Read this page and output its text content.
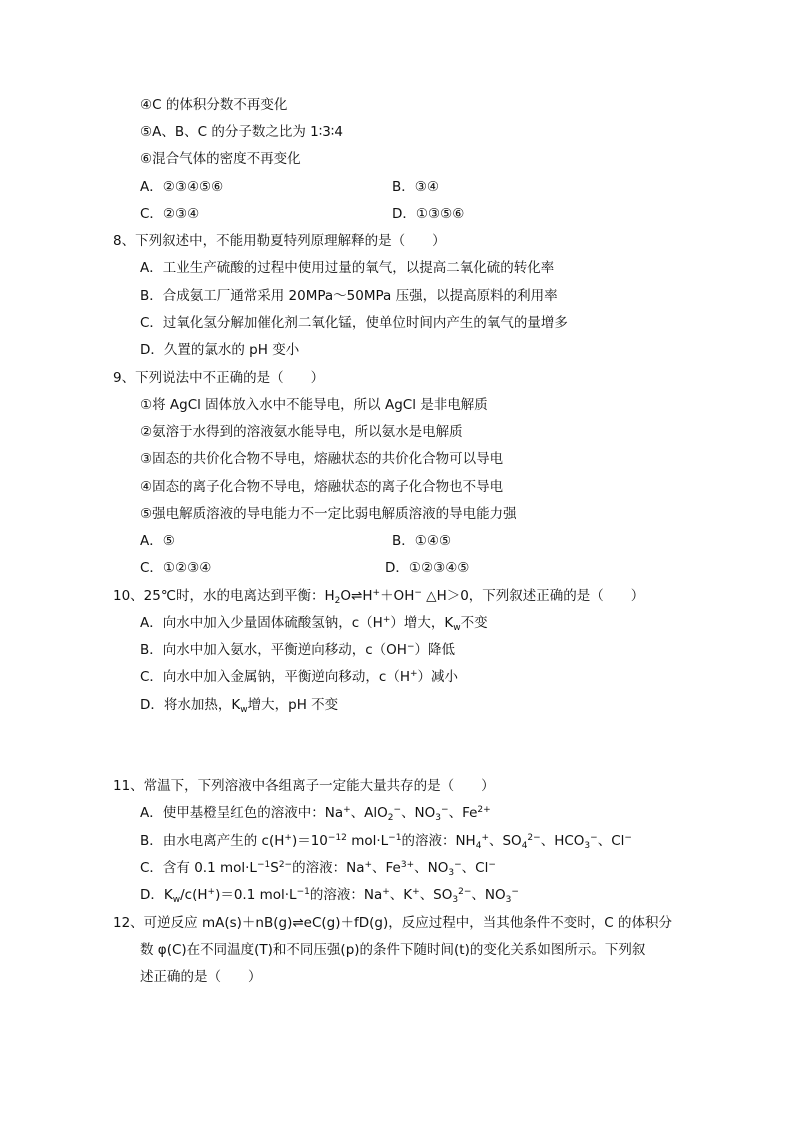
④C 的体积分数不再变化
⑤A、B、C 的分子数之比为 1∶3∶4
⑥混合气体的密度不再变化
A．②③④⑤⑥	B．③④
C．②③④	D．①③⑤⑥
8、下列叙述中，不能用勒夏特列原理解释的是（　　）
A．工业生产硫酸的过程中使用过量的氧气，以提高二氧化硫的转化率
B．合成氨工厂通常采用 20MPa～50MPa 压强，以提高原料的利用率
C．过氧化氢分解加催化剂二氧化锰，使单位时间内产生的氧气的量增多
D．久置的氯水的 pH 变小
9、下列说法中不正确的是（　　）
①将 AgCl 固体放入水中不能导电，所以 AgCl 是非电解质
②氨溶于水得到的溶液氨水能导电，所以氨水是电解质
③固态的共价化合物不导电，熔融状态的共价化合物可以导电
④固态的离子化合物不导电，熔融状态的离子化合物也不导电
⑤强电解质溶液的导电能力不一定比弱电解质溶液的导电能力强
A．⑤	B．①④⑤
C．①②③④	D．①②③④⑤
10、25℃时，水的电离达到平衡：$H_2O\rightleftharpoons H^++OH^-$ △H＞0，下列叙述正确的是（　　）
A．向水中加入少量固体硫酸氢钠，c（H+）增大，$K_w$不变
B．向水中加入氨水，平衡逆向移动，c（OH−）降低
C．向水中加入金属钠，平衡逆向移动，c（H+）减小
D．将水加热，$K_w$增大，pH 不变
11、常温下，下列溶液中各组离子一定能大量共存的是（　　）
A．使甲基橙呈红色的溶液中：Na+、AlO$_2$−、$NO_3^-$、$Fe^{2+}$
B．由水电离产生的 $c(H^+)=10^{-12}$ $mol\cdot L^{-1}$的溶液：$NH_4^+$、$SO_4^{2-}$、$HCO_3^-$、Cl−
C．含有 0.1 $mol\cdot L^{-1}S^{2-}$的溶液：Na+、$Fe^{3+}$、$NO_3^-$、Cl−
D．$K_w/c(H^+)=0.1$ $mol\cdot L^{-1}$的溶液：Na+、K+、$SO_3^{2-}$、$NO_3^-$
12、可逆反应 mA(s)＋nB(g)⇌eC(g)＋fD(g)，反应过程中，当其他条件不变时，C 的体积分
数 φ(C)在不同温度(T)和不同压强(p)的条件下随时间(t)的变化关系如图所示。下列叙
述正确的是（　　）
